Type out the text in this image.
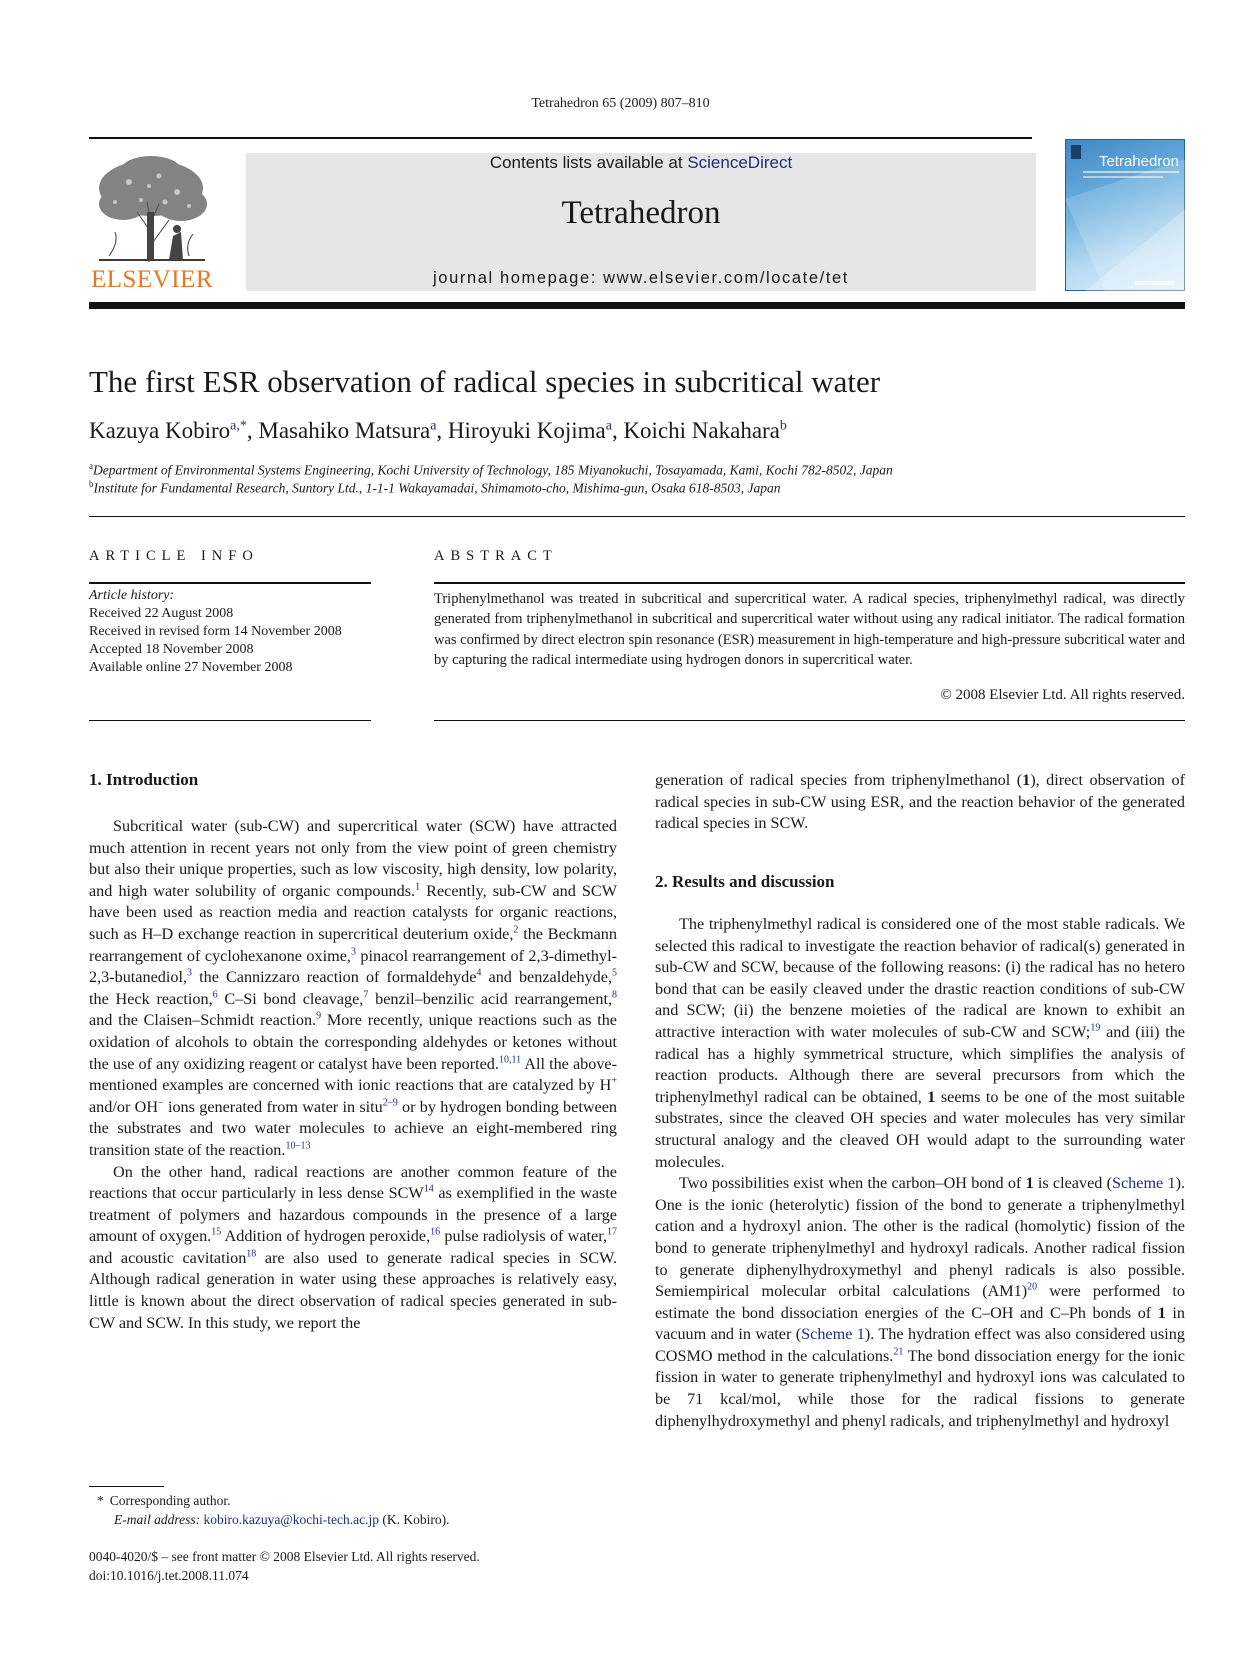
Tetrahedron 65 (2009) 807–810
ELSEVIER
Contents lists available at ScienceDirect
Tetrahedron
journal homepage: www.elsevier.com/locate/tet
Tetrahedron
The first ESR observation of radical species in subcritical water
Kazuya Kobiro$^{a,*}$, Masahiko Matsura$^a$, Hiroyuki Kojima$^a$, Koichi Nakahara$^b$
$^a$Department of Environmental Systems Engineering, Kochi University of Technology, 185 Miyanokuchi, Tosayamada, Kami, Kochi 782-8502, Japan
$^b$Institute for Fundamental Research, Suntory Ltd., 1-1-1 Wakayamadai, Shimamoto-cho, Mishima-gun, Osaka 618-8503, Japan
ARTICLE INFO	ABSTRACT
Article history:
Received 22 August 2008
Received in revised form 14 November 2008
Accepted 18 November 2008
Available online 27 November 2008
Triphenylmethanol was treated in subcritical and supercritical water. A radical species, triphenylmethyl radical, was directly generated from triphenylmethanol in subcritical and supercritical water without using any radical initiator. The radical formation was confirmed by direct electron spin resonance (ESR) measurement in high-temperature and high-pressure subcritical water and by capturing the radical intermediate using hydrogen donors in supercritical water.
© 2008 Elsevier Ltd. All rights reserved.
1. Introduction

Subcritical water (sub-CW) and supercritical water (SCW) have attracted much attention in recent years not only from the view point of green chemistry but also their unique properties, such as low viscosity, high density, low polarity, and high water solubility of organic compounds.$^1$ Recently, sub-CW and SCW have been used as reaction media and reaction catalysts for organic reactions, such as H–D exchange reaction in supercritical deuterium oxide,$^2$ the Beckmann rearrangement of cyclohexanone oxime,$^3$ pinacol rearrangement of 2,3-dimethyl-2,3-butanediol,$^3$ the Cannizzaro reaction of formaldehyde$^4$ and benzaldehyde,$^5$ the Heck reaction,$^6$ C–Si bond cleavage,$^7$ benzil–benzilic acid rearrangement,$^8$ and the Claisen–Schmidt reaction.$^9$ More recently, unique reactions such as the oxidation of alcohols to obtain the corresponding aldehydes or ketones without the use of any oxidizing reagent or catalyst have been reported.$^{10,11}$ All the above-mentioned examples are concerned with ionic reactions that are catalyzed by H+ and/or OH− ions generated from water in situ$^{2-9}$ or by hydrogen bonding between the substrates and two water molecules to achieve an eight-membered ring transition state of the reaction.$^{10-13}$

On the other hand, radical reactions are another common feature of the reactions that occur particularly in less dense SCW$^{14}$ as exemplified in the waste treatment of polymers and hazardous compounds in the presence of a large amount of oxygen.$^{15}$ Addition of hydrogen peroxide,$^{16}$ pulse radiolysis of water,$^{17}$ and acoustic cavitation$^{18}$ are also used to generate radical species in SCW. Although radical generation in water using these approaches is relatively easy, little is known about the direct observation of radical species generated in sub-CW and SCW. In this study, we report the

generation of radical species from triphenylmethanol (1), direct observation of radical species in sub-CW using ESR, and the reaction behavior of the generated radical species in SCW.

2. Results and discussion

The triphenylmethyl radical is considered one of the most stable radicals. We selected this radical to investigate the reaction behavior of radical(s) generated in sub-CW and SCW, because of the following reasons: (i) the radical has no hetero bond that can be easily cleaved under the drastic reaction conditions of sub-CW and SCW; (ii) the benzene moieties of the radical are known to exhibit an attractive interaction with water molecules of sub-CW and SCW;$^{19}$ and (iii) the radical has a highly symmetrical structure, which simplifies the analysis of reaction products. Although there are several precursors from which the triphenylmethyl radical can be obtained, 1 seems to be one of the most suitable substrates, since the cleaved OH species and water molecules has very similar structural analogy and the cleaved OH would adapt to the surrounding water molecules.

Two possibilities exist when the carbon–OH bond of 1 is cleaved (Scheme 1). One is the ionic (heterolytic) fission of the bond to generate a triphenylmethyl cation and a hydroxyl anion. The other is the radical (homolytic) fission of the bond to generate triphenylmethyl and hydroxyl radicals. Another radical fission to generate diphenylhydroxymethyl and phenyl radicals is also possible. Semiempirical molecular orbital calculations $(AM1)^{20}$ were performed to estimate the bond dissociation energies of the C–OH and C–Ph bonds of 1 in vacuum and in water (Scheme 1). The hydration effect was also considered using COSMO method in the calculations.$^{21}$ The bond dissociation energy for the ionic fission in water to generate triphenylmethyl and hydroxyl ions was calculated to be 71 kcal/mol, while those for the radical fissions to generate diphenylhydroxymethyl and phenyl radicals, and triphenylmethyl and hydroxyl

* Corresponding author.
E-mail address: kobiro.kazuya@kochi-tech.ac.jp (K. Kobiro).
0040-4020/$ – see front matter © 2008 Elsevier Ltd. All rights reserved.
doi:10.1016/j.tet.2008.11.074
